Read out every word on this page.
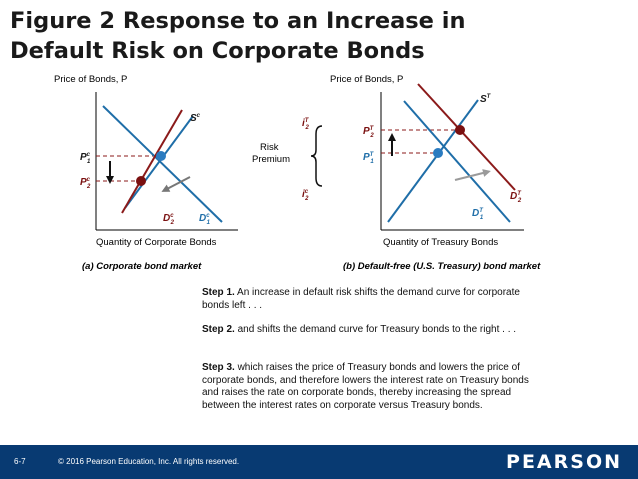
Figure 2 Response to an Increase in
Default Risk on Corporate Bonds
Price of Bonds, P
$S^c$
$P^c$ 1
$P^c$ 2
$D^c$ 2	$D^c$ 1
Quantity of Corporate Bonds
(a) Corporate bond market
Risk
Premium
$i^T$ 2
$i^c$ 2
Price of Bonds, P
$S^T$
$P^T$ 2
$P^T$ 1
$D^T$ 1
$D^T$ 2
Quantity of Treasury Bonds
(b) Default-free (U.S. Treasury) bond market
Step 1. An increase in default risk shifts the demand curve for corporate bonds left . . .
Step 2. and shifts the demand curve for Treasury bonds to the right . . .
Step 3. which raises the price of Treasury bonds and lowers the price of corporate bonds, and therefore lowers the interest rate on Treasury bonds and raises the rate on corporate bonds, thereby increasing the spread between the interest rates on corporate versus Treasury bonds.
6-7	© 2016 Pearson Education, Inc. All rights reserved.	PEARSON
